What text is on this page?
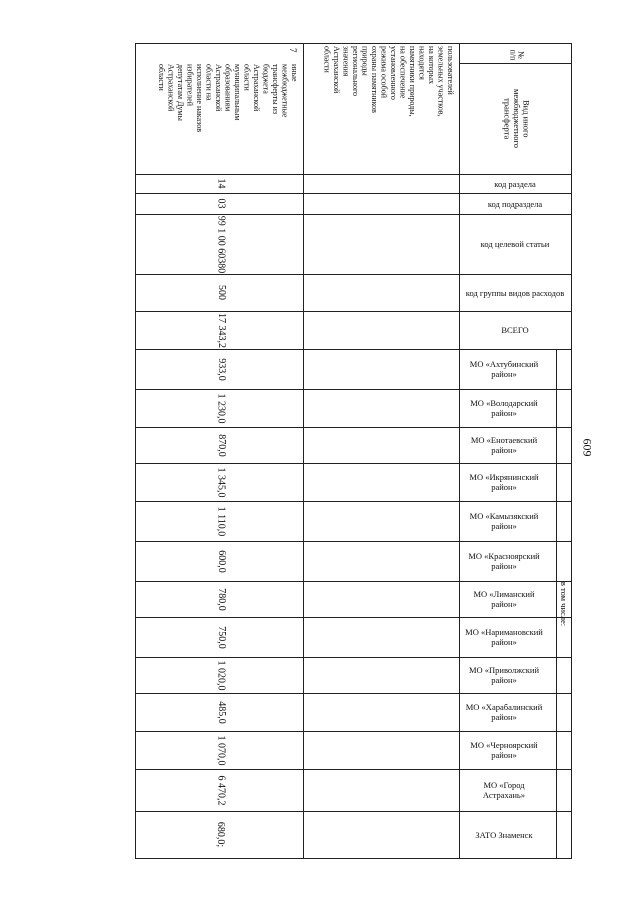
609
№
п/п
Вид иного
межбюджетного
трансферта
пользователей
земельных участков,
на которых
находятся
памятники природы,
на обеспечение
установленного
режима особой
охраны памятников
природы
регионального
значения
Астраханской
области
7
иные
межбюджетные
трансферты из
бюджета
Астраханской
области
муниципальным
образованиям
Астраханской
области на
исполнение наказов
избирателей
депутатам Думы
Астраханской
области
в том числе:
код раздела
14
код подраздела
03
код целевой статьи
99 1 00 60380
код группы видов расходов
500
ВСЕГО
17 343,2
МО «Ахтубинский район»
933,0
МО «Володарский район»
1 230,0
МО «Енотаевский район»
870,0
МО «Икрянинский район»
1 345,0
МО «Камызякский район»
1 110,0
МО «Красноярский район»
600,0
МО «Лиманский район»
780,0
МО «Наримановский район»
750,0
МО «Приволжский район»
1 020,0
МО «Харабалинский район»
485,0
МО «Черноярский район»
1 070,0
МО «Город Астрахань»
6 470,2
ЗАТО Знаменск
680,0;
